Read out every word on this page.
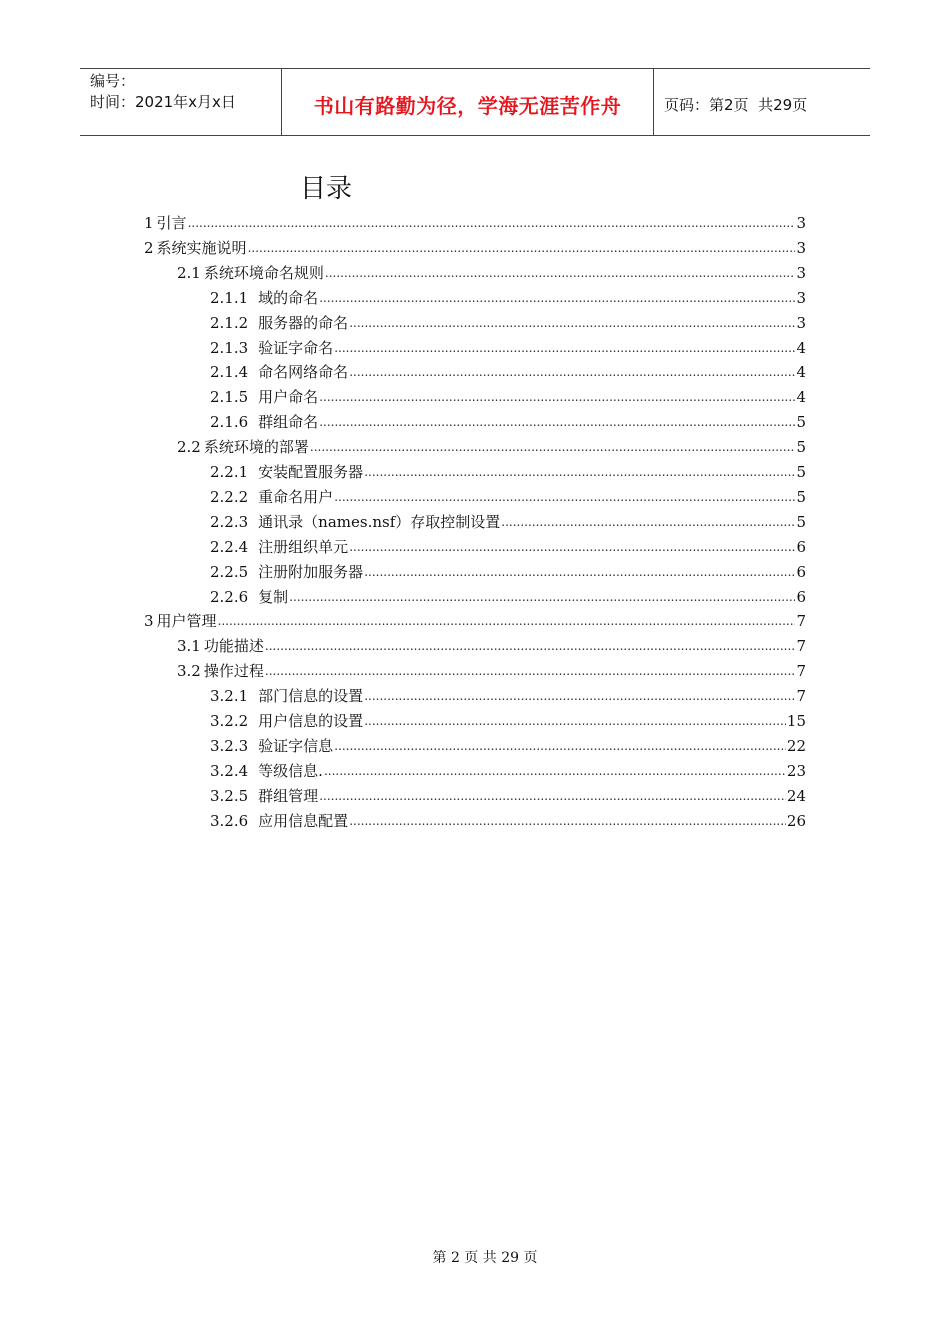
编号：
时间：2021年x月x日	书山有路勤为径，学海无涯苦作舟	页码：第2页  共29页
目录
1 引言 .....	3
2 系统实施说明 .....	3
2.1 系统环境命名规则 .....	3
2.1.1 域的命名 .....	3
2.1.2 服务器的命名 .....	3
2.1.3 验证字命名 .....	4
2.1.4 命名网络命名 .....	4
2.1.5 用户命名 .....	4
2.1.6 群组命名 .....	5
2.2 系统环境的部署 .....	5
2.2.1 安装配置服务器 .....	5
2.2.2 重命名用户 .....	5
2.2.3 通讯录（names.nsf）存取控制设置 .....	5
2.2.4 注册组织单元 .....	6
2.2.5 注册附加服务器 .....	6
2.2.6 复制 .....	6
3 用户管理 .....	7
3.1 功能描述 .....	7
3.2 操作过程 .....	7
3.2.1 部门信息的设置 .....	7
3.2.2 用户信息的设置 .....	15
3.2.3 验证字信息 .....	22
3.2.4 等级信息. .....	23
3.2.5 群组管理 .....	24
3.2.6 应用信息配置 .....	26
第 2 页 共 29 页
